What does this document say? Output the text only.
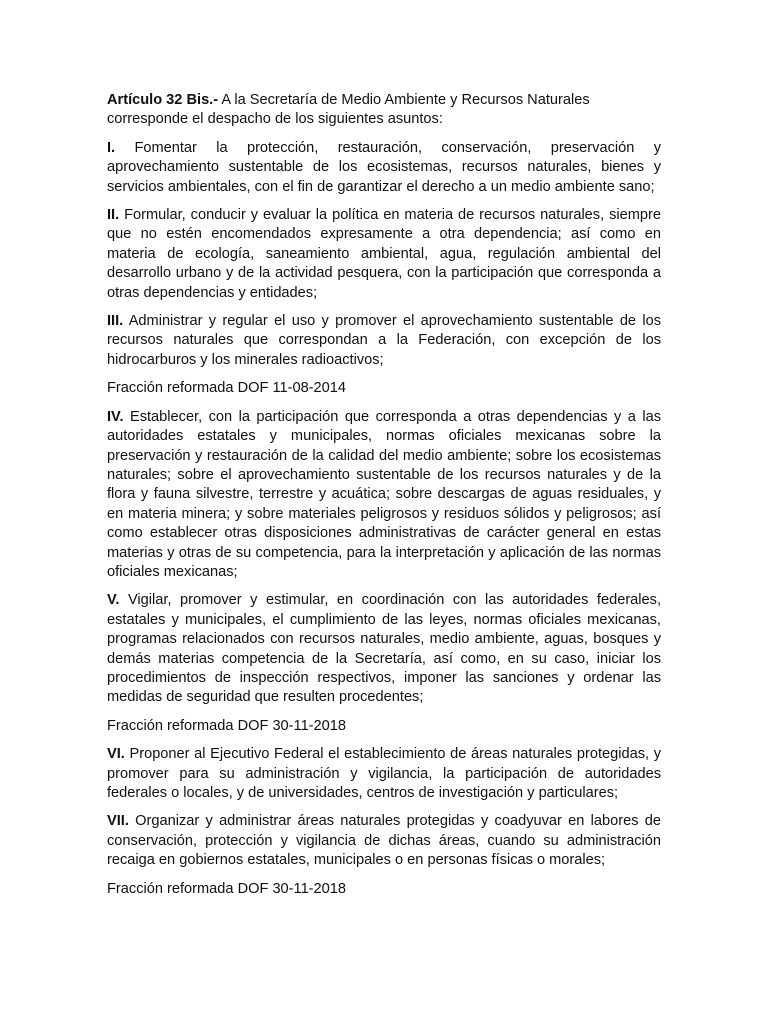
Artículo 32 Bis.- A la Secretaría de Medio Ambiente y Recursos Naturales corresponde el despacho de los siguientes asuntos:

I. Fomentar la protección, restauración, conservación, preservación y aprovechamiento sustentable de los ecosistemas, recursos naturales, bienes y servicios ambientales, con el fin de garantizar el derecho a un medio ambiente sano;

II. Formular, conducir y evaluar la política en materia de recursos naturales, siempre que no estén encomendados expresamente a otra dependencia; así como en materia de ecología, saneamiento ambiental, agua, regulación ambiental del desarrollo urbano y de la actividad pesquera, con la participación que corresponda a otras dependencias y entidades;

III. Administrar y regular el uso y promover el aprovechamiento sustentable de los recursos naturales que correspondan a la Federación, con excepción de los hidrocarburos y los minerales radioactivos;

Fracción reformada DOF 11-08-2014

IV. Establecer, con la participación que corresponda a otras dependencias y a las autoridades estatales y municipales, normas oficiales mexicanas sobre la preservación y restauración de la calidad del medio ambiente; sobre los ecosistemas naturales; sobre el aprovechamiento sustentable de los recursos naturales y de la flora y fauna silvestre, terrestre y acuática; sobre descargas de aguas residuales, y en materia minera; y sobre materiales peligrosos y residuos sólidos y peligrosos; así como establecer otras disposiciones administrativas de carácter general en estas materias y otras de su competencia, para la interpretación y aplicación de las normas oficiales mexicanas;

V. Vigilar, promover y estimular, en coordinación con las autoridades federales, estatales y municipales, el cumplimiento de las leyes, normas oficiales mexicanas, programas relacionados con recursos naturales, medio ambiente, aguas, bosques y demás materias competencia de la Secretaría, así como, en su caso, iniciar los procedimientos de inspección respectivos, imponer las sanciones y ordenar las medidas de seguridad que resulten procedentes;

Fracción reformada DOF 30-11-2018

VI. Proponer al Ejecutivo Federal el establecimiento de áreas naturales protegidas, y promover para su administración y vigilancia, la participación de autoridades federales o locales, y de universidades, centros de investigación y particulares;

VII. Organizar y administrar áreas naturales protegidas y coadyuvar en labores de conservación, protección y vigilancia de dichas áreas, cuando su administración recaiga en gobiernos estatales, municipales o en personas físicas o morales;

Fracción reformada DOF 30-11-2018
